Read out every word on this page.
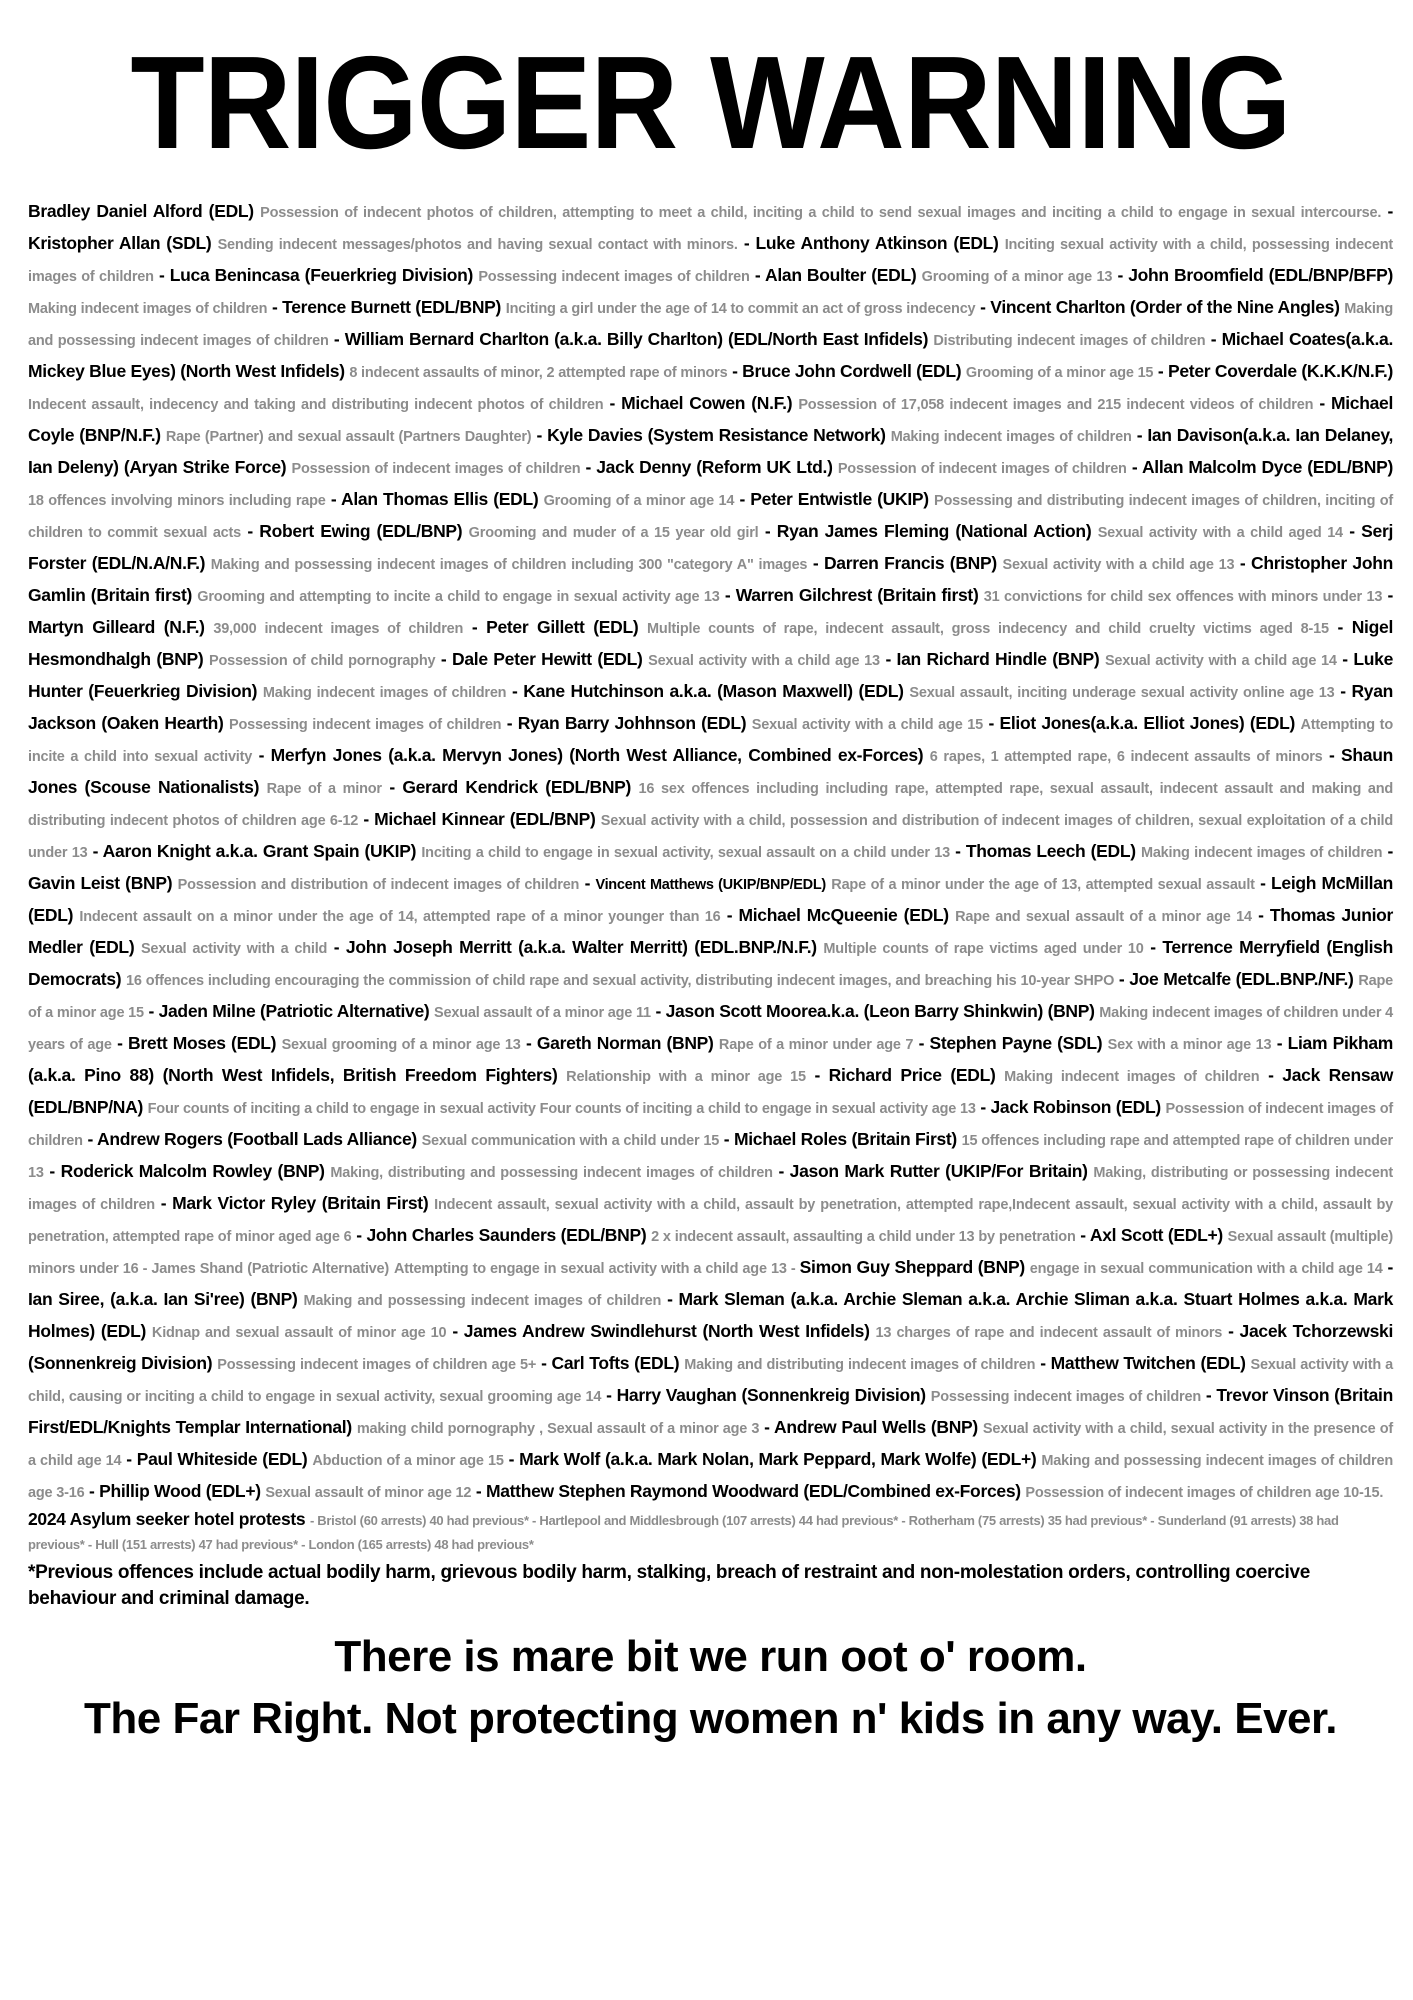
TRIGGER WARNING
Bradley Daniel Alford (EDL) Possession of indecent photos of children, attempting to meet a child, inciting a child to send sexual images and inciting a child to engage in sexual intercourse. - Kristopher Allan (SDL) Sending indecent messages/photos and having sexual contact with minors. - Luke Anthony Atkinson (EDL) Inciting sexual activity with a child, possessing indecent images of children - Luca Benincasa (Feuerkrieg Division) Possessing indecent images of children - Alan Boulter (EDL) Grooming of a minor age 13 - John Broomfield (EDL/BNP/BFP) Making indecent images of children - Terence Burnett (EDL/BNP) Inciting a girl under the age of 14 to commit an act of gross indecency - Vincent Charlton (Order of the Nine Angles) Making and possessing indecent images of children - William Bernard Charlton (a.k.a. Billy Charlton) (EDL/North East Infidels) Distributing indecent images of children - Michael Coates(a.k.a. Mickey Blue Eyes) (North West Infidels) 8 indecent assaults of minor, 2 attempted rape of minors - Bruce John Cordwell (EDL) Grooming of a minor age 15 - Peter Coverdale (K.K.K/N.F.) Indecent assault, indecency and taking and distributing indecent photos of children - Michael Cowen (N.F.) Possession of 17,058 indecent images and 215 indecent videos of children - Michael Coyle (BNP/N.F.) Rape (Partner) and sexual assault (Partners Daughter) - Kyle Davies (System Resistance Network) Making indecent images of children - Ian Davison(a.k.a. Ian Delaney, Ian Deleny) (Aryan Strike Force) Possession of indecent images of children - Jack Denny (Reform UK Ltd.) Possession of indecent images of children - Allan Malcolm Dyce (EDL/BNP) 18 offences involving minors including rape - Alan Thomas Ellis (EDL) Grooming of a minor age 14 - Peter Entwistle (UKIP) Possessing and distributing indecent images of children, inciting of children to commit sexual acts - Robert Ewing (EDL/BNP) Grooming and muder of a 15 year old girl - Ryan James Fleming (National Action) Sexual activity with a child aged 14 - Serj Forster (EDL/N.A/N.F.) Making and possessing indecent images of children including 300 "category A" images - Darren Francis (BNP) Sexual activity with a child age 13 - Christopher John Gamlin (Britain first) Grooming and attempting to incite a child to engage in sexual activity age 13 - Warren Gilchrest (Britain first) 31 convictions for child sex offences with minors under 13 - Martyn Gilleard (N.F.) 39,000 indecent images of children - Peter Gillett (EDL) Multiple counts of rape, indecent assault, gross indecency and child cruelty victims aged 8-15 - Nigel Hesmondhalgh (BNP) Possession of child pornography - Dale Peter Hewitt (EDL) Sexual activity with a child age 13 - Ian Richard Hindle (BNP) Sexual activity with a child age 14 - Luke Hunter (Feuerkrieg Division) Making indecent images of children - Kane Hutchinson a.k.a. (Mason Maxwell) (EDL) Sexual assault, inciting underage sexual activity online age 13 - Ryan Jackson (Oaken Hearth) Possessing indecent images of children - Ryan Barry Johhnson (EDL) Sexual activity with a child age 15 - Eliot Jones(a.k.a. Elliot Jones) (EDL) Attempting to incite a child into sexual activity - Merfyn Jones (a.k.a. Mervyn Jones) (North West Alliance, Combined ex-Forces) 6 rapes, 1 attempted rape, 6 indecent assaults of minors - Shaun Jones (Scouse Nationalists) Rape of a minor - Gerard Kendrick (EDL/BNP) 16 sex offences including including rape, attempted rape, sexual assault, indecent assault and making and distributing indecent photos of children age 6-12 - Michael Kinnear (EDL/BNP) Sexual activity with a child, possession and distribution of indecent images of children, sexual exploitation of a child under 13 - Aaron Knight a.k.a. Grant Spain (UKIP) Inciting a child to engage in sexual activity, sexual assault on a child under 13 - Thomas Leech (EDL) Making indecent images of children - Gavin Leist (BNP) Possession and distribution of indecent images of children - Vincent Matthews (UKIP/BNP/EDL) Rape of a minor under the age of 13, attempted sexual assault - Leigh McMillan (EDL) Indecent assault on a minor under the age of 14, attempted rape of a minor younger than 16 - Michael McQueenie (EDL) Rape and sexual assault of a minor age 14 - Thomas Junior Medler (EDL) Sexual activity with a child - John Joseph Merritt (a.k.a. Walter Merritt) (EDL.BNP./N.F.) Multiple counts of rape victims aged under 10 - Terrence Merryfield (English Democrats) 16 offences including encouraging the commission of child rape and sexual activity, distributing indecent images, and breaching his 10-year SHPO - Joe Metcalfe (EDL.BNP./NF.) Rape of a minor age 15 - Jaden Milne (Patriotic Alternative) Sexual assault of a minor age 11 - Jason Scott Moorea.k.a. (Leon Barry Shinkwin) (BNP) Making indecent images of children under 4 years of age - Brett Moses (EDL) Sexual grooming of a minor age 13 - Gareth Norman (BNP) Rape of a minor under age 7 - Stephen Payne (SDL) Sex with a minor age 13 - Liam Pikham (a.k.a. Pino 88) (North West Infidels, British Freedom Fighters) Relationship with a minor age 15 - Richard Price (EDL) Making indecent images of children - Jack Rensaw (EDL/BNP/NA) Four counts of inciting a child to engage in sexual activity Four counts of inciting a child to engage in sexual activity age 13 - Jack Robinson (EDL) Possession of indecent images of children - Andrew Rogers (Football Lads Alliance) Sexual communication with a child under 15 - Michael Roles (Britain First) 15 offences including rape and attempted rape of children under 13 - Roderick Malcolm Rowley (BNP) Making, distributing and possessing indecent images of children - Jason Mark Rutter (UKIP/For Britain) Making, distributing or possessing indecent images of children - Mark Victor Ryley (Britain First) Indecent assault, sexual activity with a child, assault by penetration, attempted rape,Indecent assault, sexual activity with a child, assault by penetration, attempted rape of minor aged age 6 - John Charles Saunders (EDL/BNP) 2 x indecent assault, assaulting a child under 13 by penetration - Axl Scott (EDL+) Sexual assault (multiple) minors under 16 - James Shand (Patriotic Alternative) Attempting to engage in sexual activity with a child age 13 - Simon Guy Sheppard (BNP) engage in sexual communication with a child age 14 - Ian Siree, (a.k.a. Ian Si'ree) (BNP) Making and possessing indecent images of children - Mark Sleman (a.k.a. Archie Sleman a.k.a. Archie Sliman a.k.a. Stuart Holmes a.k.a. Mark Holmes) (EDL) Kidnap and sexual assault of minor age 10 - James Andrew Swindlehurst (North West Infidels) 13 charges of rape and indecent assault of minors - Jacek Tchorzewski (Sonnenkreig Division) Possessing indecent images of children age 5+ - Carl Tofts (EDL) Making and distributing indecent images of children - Matthew Twitchen (EDL) Sexual activity with a child, causing or inciting a child to engage in sexual activity, sexual grooming age 14 - Harry Vaughan (Sonnenkreig Division) Possessing indecent images of children - Trevor Vinson (Britain First/EDL/Knights Templar International) making child pornography , Sexual assault of a minor age 3 - Andrew Paul Wells (BNP) Sexual activity with a child, sexual activity in the presence of a child age 14 - Paul Whiteside (EDL) Abduction of a minor age 15 - Mark Wolf (a.k.a. Mark Nolan, Mark Peppard, Mark Wolfe) (EDL+) Making and possessing indecent images of children age 3-16 - Phillip Wood (EDL+) Sexual assault of minor age 12 - Matthew Stephen Raymond Woodward (EDL/Combined ex-Forces) Possession of indecent images of children age 10-15.
2024 Asylum seeker hotel protests - Bristol (60 arrests) 40 had previous* - Hartlepool and Middlesbrough (107 arrests) 44 had previous* - Rotherham (75 arrests) 35 had previous* - Sunderland (91 arrests) 38 had previous* - Hull (151 arrests) 47 had previous* - London (165 arrests) 48 had previous*
*Previous offences include actual bodily harm, grievous bodily harm, stalking, breach of restraint and non-molestation orders, controlling coercive behaviour and criminal damage.
There is mare bit we run oot o' room.
The Far Right. Not protecting women n' kids in any way. Ever.
